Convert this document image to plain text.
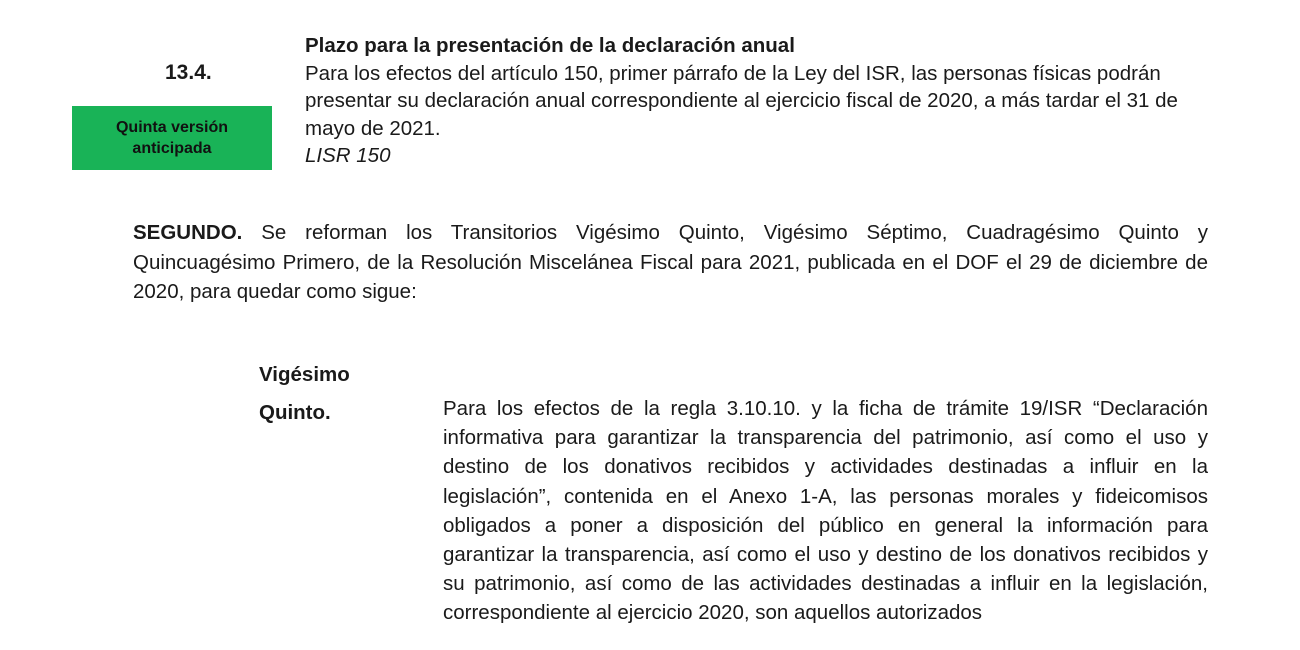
13.4.
Quinta versión
anticipada
Plazo para la presentación de la declaración anual
Para los efectos del artículo 150, primer párrafo de la Ley del ISR, las personas físicas podrán presentar su declaración anual correspondiente al ejercicio fiscal de 2020, a más tardar el 31 de mayo de 2021.
LISR 150
SEGUNDO. Se reforman los Transitorios Vigésimo Quinto, Vigésimo Séptimo, Cuadragésimo Quinto y Quincuagésimo Primero, de la Resolución Miscelánea Fiscal para 2021, publicada en el DOF el 29 de diciembre de 2020, para quedar como sigue:
Vigésimo
Quinto.	Para los efectos de la regla 3.10.10. y la ficha de trámite 19/ISR “Declaración informativa para garantizar la transparencia del patrimonio, así como el uso y destino de los donativos recibidos y actividades destinadas a influir en la legislación”, contenida en el Anexo 1-A, las personas morales y fideicomisos obligados a poner a disposición del público en general la información para garantizar la transparencia, así como el uso y destino de los donativos recibidos y su patrimonio, así como de las actividades destinadas a influir en la legislación, correspondiente al ejercicio 2020, son aquellos autorizados
